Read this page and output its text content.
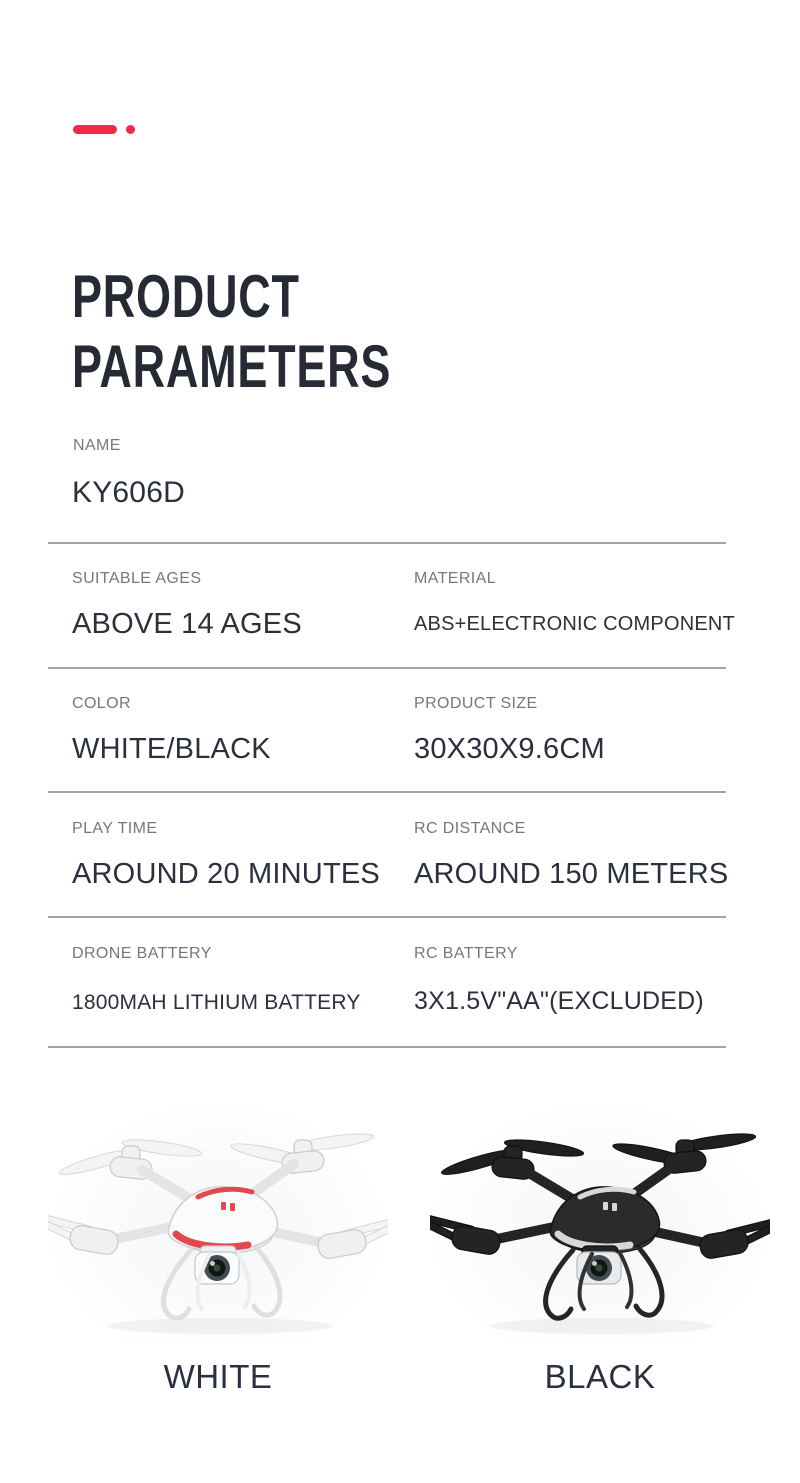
PRODUCT
PARAMETERS
NAME
KY606D
SUITABLE AGES
ABOVE 14 AGES
MATERIAL
ABS+ELECTRONIC COMPONENT
COLOR
WHITE/BLACK
PRODUCT SIZE
30X30X9.6CM
PLAY TIME
AROUND 20 MINUTES
RC DISTANCE
AROUND 150 METERS
DRONE BATTERY
1800MAH LITHIUM BATTERY
RC BATTERY
3X1.5V"AA"(EXCLUDED)
WHITE	BLACK
